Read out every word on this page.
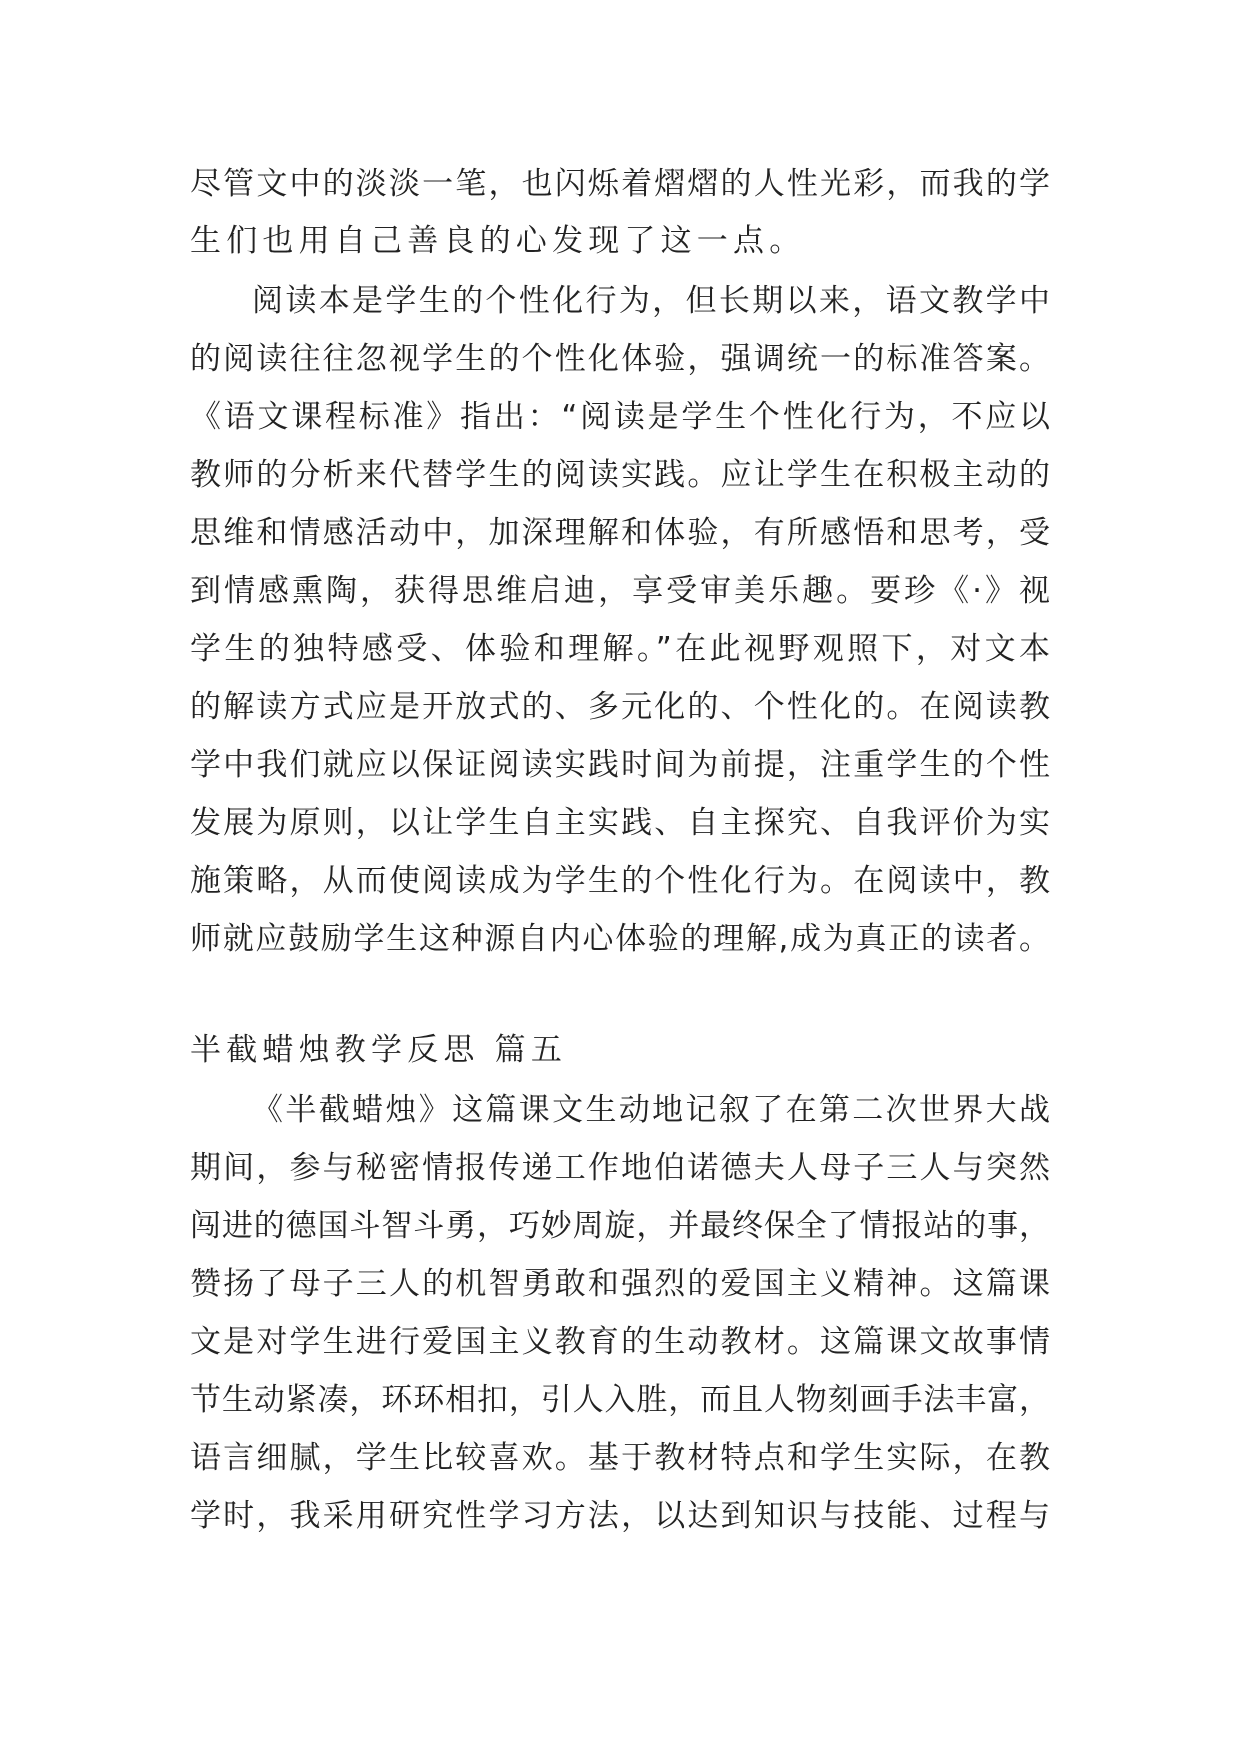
尽管文中的淡淡一笔，也闪烁着熠熠的人性光彩，而我的学
生们也用自己善良的心发现了这一点。
阅读本是学生的个性化行为，但长期以来，语文教学中
的阅读往往忽视学生的个性化体验，强调统一的标准答案。
《语文课程标准》指出：“阅读是学生个性化行为，不应以
教师的分析来代替学生的阅读实践。应让学生在积极主动的
思维和情感活动中，加深理解和体验，有所感悟和思考，受
到情感熏陶，获得思维启迪，享受审美乐趣。要珍《·》视
学生的独特感受、体验和理解。”在此视野观照下，对文本
的解读方式应是开放式的、多元化的、个性化的。在阅读教
学中我们就应以保证阅读实践时间为前提，注重学生的个性
发展为原则，以让学生自主实践、自主探究、自我评价为实
施策略，从而使阅读成为学生的个性化行为。在阅读中，教
师就应鼓励学生这种源自内心体验的理解,成为真正的读者。
半截蜡烛教学反思 篇五
《半截蜡烛》这篇课文生动地记叙了在第二次世界大战
期间，参与秘密情报传递工作地伯诺德夫人母子三人与突然
闯进的德国斗智斗勇，巧妙周旋，并最终保全了情报站的事，
赞扬了母子三人的机智勇敢和强烈的爱国主义精神。这篇课
文是对学生进行爱国主义教育的生动教材。这篇课文故事情
节生动紧凑，环环相扣，引人入胜，而且人物刻画手法丰富，
语言细腻，学生比较喜欢。基于教材特点和学生实际，在教
学时，我采用研究性学习方法，以达到知识与技能、过程与
